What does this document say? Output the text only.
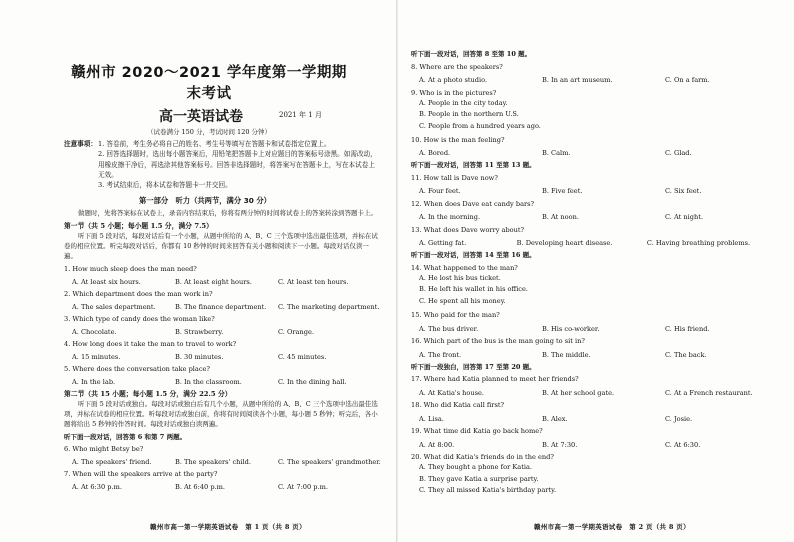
赣州市 2020～2021 学年度第一学期期末考试
高一英语试卷	2021 年 1 月
（试卷满分 150 分，考试时间 120 分钟）
注意事项： 1. 答卷前，考生务必将自己的姓名、考生号等填写在答题卡和试卷指定位置上。
2. 回答选择题时，选出每小题答案后，用铅笔把答题卡上对应题目的答案标号涂黑。如需改动，用橡皮擦干净后，再选涂其他答案标号。回答非选择题时，将答案写在答题卡上，写在本试卷上无效。
3. 考试结束后，将本试卷和答题卡一并交回。
第一部分　听力（共两节，满分 30 分）
做题时，先将答案标在试卷上，录音内容结束后，你将有两分钟的时间将试卷上的答案转涂到答题卡上。
第一节（共 5 小题；每小题 1.5 分，满分 7.5）
听下面 5 段对话，每段对话后有一个小题，从题中所给的 A、B、C 三个选项中选出最佳选项，并标在试卷的相应位置。听完每段对话后，你都有 10 秒钟的时间来回答有关小题和阅读下一小题。每段对话仅读一遍。
1. How much sleep does the man need?
A. At least six hours.	B. At least eight hours.	C. At least ten hours.
2. Which department does the man work in?
A. The sales department.	B. The finance department.	C. The marketing department.
3. Which type of candy does the woman like?
A. Chocolate.	B. Strawberry.	C. Orange.
4. How long does it take the man to travel to work?
A. 15 minutes.	B. 30 minutes.	C. 45 minutes.
5. Where does the conversation take place?
A. In the lab.	B. In the classroom.	C. In the dining hall.
第二节（共 15 小题；每小题 1.5 分，满分 22.5 分）
听下面 5 段对话或独白。每段对话或独白后有几个小题，从题中所给的 A、B、C 三个选项中选出最佳选项，并标在试卷的相应位置。听每段对话或独白前，你将有时间阅读各个小题，每小题 5 秒钟；听完后，各小题将给出 5 秒钟的作答时间。每段对话或独白读两遍。
听下面一段对话，回答第 6 和第 7 两题。
6. Who might Betsy be?
A. The speakers' friend.	B. The speakers' child.	C. The speakers' grandmother.
7. When will the speakers arrive at the party?
A. At 6:30 p.m.	B. At 6:40 p.m.	C. At 7:00 p.m.
听下面一段对话，回答第 8 至第 10 题。
8. Where are the speakers?
A. At a photo studio.	B. In an art museum.	C. On a farm.
9. Who is in the pictures?
A. People in the city today.
B. People in the northern U.S.
C. People from a hundred years ago.
10. How is the man feeling?
A. Bored.	B. Calm.	C. Glad.
听下面一段对话，回答第 11 至第 13 题。
11. How tall is Dave now?
A. Four feet.	B. Five feet.	C. Six feet.
12. When does Dave eat candy bars?
A. In the morning.	B. At noon.	C. At night.
13. What does Dave worry about?
A. Getting fat.	B. Developing heart disease.	C. Having breathing problems.
听下面一段对话，回答第 14 至第 16 题。
14. What happened to the man?
A. He lost his bus ticket.
B. He left his wallet in his office.
C. He spent all his money.
15. Who paid for the man?
A. The bus driver.	B. His co-worker.	C. His friend.
16. Which part of the bus is the man going to sit in?
A. The front.	B. The middle.	C. The back.
听下面一段独白，回答第 17 至第 20 题。
17. Where had Katia planned to meet her friends?
A. At Katia's house.	B. At her school gate.	C. At a French restaurant.
18. Who did Katia call first?
A. Lisa.	B. Alex.	C. Josie.
19. What time did Katia go back home?
A. At 8:00.	B. At 7:30.	C. At 6:30.
20. What did Katia's friends do in the end?
A. They bought a phone for Katia.
B. They gave Katia a surprise party.
C. They all missed Katia's birthday party.
赣州市高一第一学期英语试卷　第 1 页（共 8 页）	赣州市高一第一学期英语试卷　第 2 页（共 8 页）
